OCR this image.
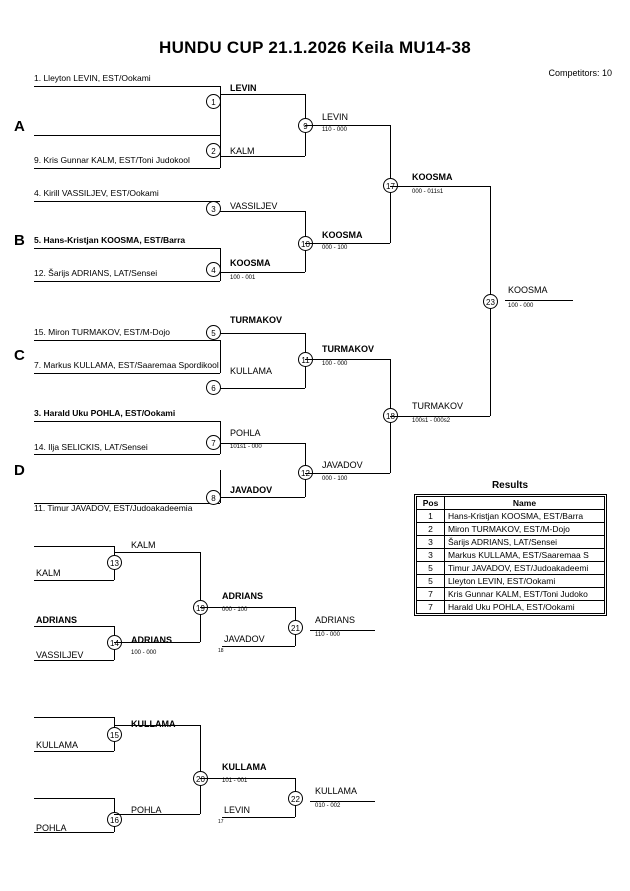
HUNDU CUP 21.1.2026 Keila MU14-38
Competitors: 10
A
B
C
D
1. Lleyton LEVIN, EST/Ookami
9. Kris Gunnar KALM, EST/Toni Judokool
4. Kirill VASSILJEV, EST/Ookami
5. Hans-Kristjan KOOSMA, EST/Barra
12. Šarijs ADRIANS, LAT/Sensei
15. Miron TURMAKOV, EST/M-Dojo
7. Markus KULLAMA, EST/Saaremaa Spordikool
3. Harald Uku POHLA, EST/Ookami
14. Ilja SELICKIS, LAT/Sensei
11. Timur JAVADOV, EST/Judoakadeemia
1
LEVIN
2	KALM
3	VASSILJEV
4
KOOSMA
100 - 001
5
TURMAKOV
6
KULLAMA
7
POHLA
101s1 - 000
8
JAVADOV
9
LEVIN
110 - 000
10
KOOSMA
000 - 100
11
TURMAKOV
100 - 000
12
JAVADOV
000 - 100
17
KOOSMA
000 - 011s1
18
TURMAKOV
100s1 - 000s2
23
KOOSMA
100 - 000
13
KALM
KALM
14
ADRIANS
VASSILJEV
ADRIANS
100 - 000
19
ADRIANS
000 - 100
JAVADOV
18
21
ADRIANS
110 - 000
15
KULLAMA
KULLAMA
16
POHLA
POHLA
20
KULLAMA
101 - 001
LEVIN
17
22
KULLAMA
010 - 002
Results
Pos	Name
1	Hans-Kristjan KOOSMA, EST/Barra
2	Miron TURMAKOV, EST/M-Dojo
3	Šarijs ADRIANS, LAT/Sensei
3	Markus KULLAMA, EST/Saaremaa S
5	Timur JAVADOV, EST/Judoakadeemi
5	Lleyton LEVIN, EST/Ookami
7	Kris Gunnar KALM, EST/Toni Judoko
7	Harald Uku POHLA, EST/Ookami
